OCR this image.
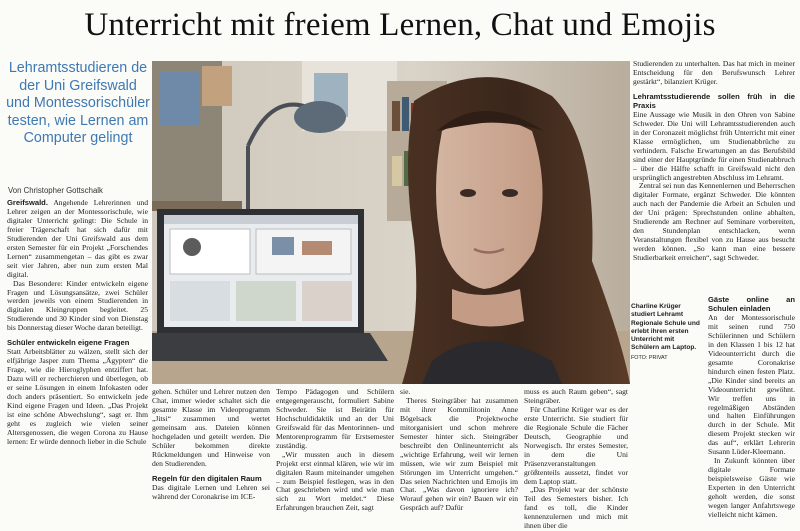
Unterricht mit freiem Lernen, Chat und Emojis
Lehramtsstudieren de der Uni Greifswald und Montessorischüler testen, wie Lernen am Computer gelingt
Von Christopher Gottschalk

Greifswald. Angehende Lehrerinnen und Lehrer zeigen an der Montessorischule, wie digitaler Unterricht gelingt: Die Schule in freier Trägerschaft hat sich dafür mit Studierenden der Uni Greifswald aus dem ersten Semester für ein Projekt „Forschendes Lernen“ zusammengetan – das gibt es zwar seit vier Jahren, aber nun zum ersten Mal digital.

Das Besondere: Kinder entwickeln eigene Fragen und Lösungsansätze, zwei Schüler werden jeweils von einem Studierenden in digitalen Kleingruppen begleitet. 25 Studierende und 30 Kinder sind von Dienstag bis Donnerstag dieser Woche daran beteiligt.

Schüler entwickeln eigene Fragen

Statt Arbeitsblätter zu wälzen, stellt sich der elfjährige Jasper zum Thema „Ägypten“ die Frage, wie die Hieroglyphen entziffert hat. Dazu will er recherchieren und überlegen, ob er seine Lösungen in einem Infokasten oder doch anders präsentiert. So entwickeln jede Kind eigene Fragen und Ideen. „Das Projekt ist eine schöne Abwechslung“, sagt er. Ihm geht es zugleich wie vielen seiner Altersgenossen, die wegen Corona zu Hause lernen: Er würde dennoch lieber in die Schule

Charline Krüger studiert Lehramt Regionale Schule und erlebt ihren ersten Unterricht mit Schülern am Laptop.
FOTO: PRIVAT

gehen. Schüler und Lehrer nutzen den Chat, immer wieder schaltet sich die gesamte Klasse im Videoprogramm „Jitsi“ zusammen und wertet gemeinsam aus. Dateien können hochgeladen und geteilt werden. Die Schüler bekommen direkte Rückmeldungen und Hinweise von den Studierenden.

Regeln für den digitalen Raum

Das digitale Lernen und Lehren sei während der Coronakrise im ICE-

Tempo Pädagogen und Schülern entgegengerauscht, formuliert Sabine Schweder. Sie ist Beirätin für Hochschuldidaktik und an der Uni Greifswald für das Mentorinnen- und Mentorenprogramm für Erstsemester zuständig.

„Wir mussten auch in diesem Projekt erst einmal klären, wie wir im digitalen Raum miteinander umgehen – zum Beispiel festlegen, was in den Chat geschrieben wird und wie man sich zu Wort meldet.“ Diese Erfahrungen brauchen Zeit, sagt

sie.

Theres Steingräber hat zusammen mit ihrer Kommilitonin Anne Bögelsack die Projektwoche mitorganisiert und schon mehrere Semester hinter sich. Steingräber beschreibt den Onlineunterricht als „wichtige Erfahrung, weil wir lernen müssen, wie wir zum Beispiel mit Störungen im Unterricht umgehen.“ Das seien Nachrichten und Emojis im Chat. „Was davon ignoriere ich? Worauf gehen wir ein? Bauen wir ein Gespräch auf? Dafür

muss es auch Raum geben“, sagt Steingräber.

Für Charline Krüger war es der erste Unterricht. Sie studiert für die Regionale Schule die Fächer Deutsch, Geographie und Norwegisch. Ihr erstes Semester, in dem die Uni Präsenzveranstaltungen größtenteils aussetzt, findet vor dem Laptop statt.

„Das Projekt war der schönste Teil des Semesters bisher. Ich fand es toll, die Kinder kennenzulernen und mich mit ihnen über die

Studierenden zu unterhalten. Das hat mich in meiner Entscheidung für den Berufswunsch Lehrer gestärkt“, bilanziert Krüger.

Lehramtsstudierende sollen früh in die Praxis

Eine Aussage wie Musik in den Ohren von Sabine Schweder. Die Uni will Lehramtsstudierenden auch in der Coronazeit möglichst früh Unterricht mit einer Klasse ermöglichen, um Studienabbrüche zu verhindern. Falsche Erwartungen an das Berufsbild sind einer der Hauptgründe für einen Studienabbruch – über die Hälfte schafft in Greifswald nicht den ursprünglich angestrebten Abschluss im Lehramt.

Zentral sei nun das Kennenlernen und Beherrschen digitaler Formate, ergänzt Schweder. Die könnten auch nach der Pandemie die Arbeit an Schulen und der Uni prägen: Sprechstunden online abhalten, Studierende am Rechner auf Seminare vorbereiten, den Stundenplan entschlacken, wenn Veranstaltungen flexibel von zu Hause aus besucht werden können. „So kann man eine bessere Studierbarkeit erreichen“, sagt Schweder.

Gäste online an Schulen einladen

An der Montessorischule mit seinen rund 750 Schülerinnen und Schülern in den Klassen 1 bis 12 hat Videounterricht durch die gesamte Coronakrise hindurch einen festen Platz. „Die Kinder sind bereits an Videounterricht gewöhnt. Wir treffen uns in regelmäßigen Abständen und halten Einführungen durch in der Schule. Mit diesem Projekt stecken wir das auf“, erklärt Lehrerin Susann Lüder-Kleemann.

In Zukunft könnten über digitale Formate beispielsweise Gäste wie Experten in den Unterricht geholt werden, die sonst wegen langer Anfahrtswege vielleicht nicht kämen.
